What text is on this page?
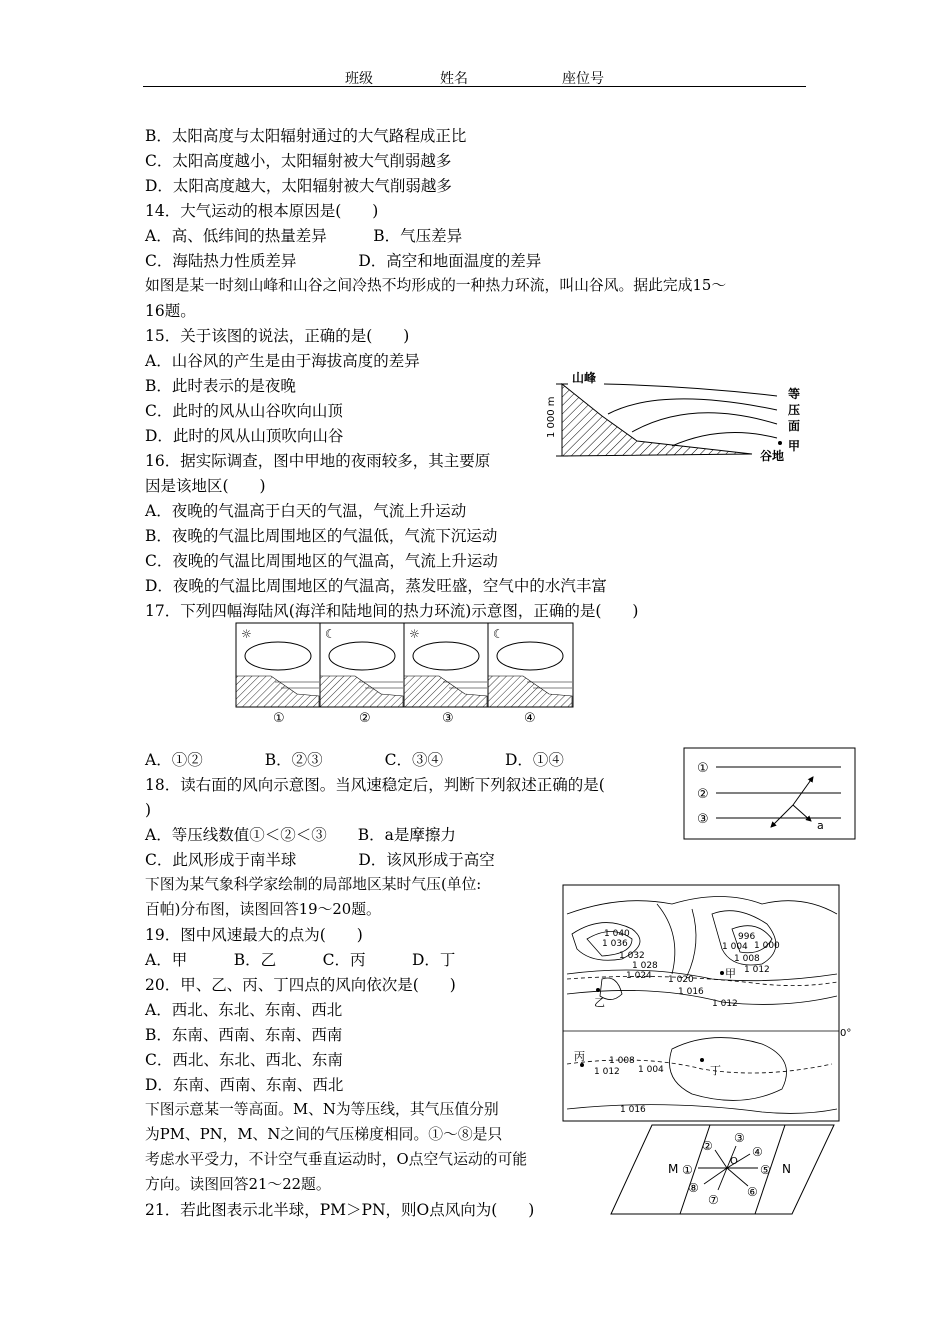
班级	姓名	座位号
B．太阳高度与太阳辐射通过的大气路程成正比
C．太阳高度越小，太阳辐射被大气削弱越多
D．太阳高度越大，太阳辐射被大气削弱越多
14．大气运动的根本原因是(　　)
A．高、低纬间的热量差异　　　B．气压差异
C．海陆热力性质差异　　　　D．高空和地面温度的差异
如图是某一时刻山峰和山谷之间冷热不均形成的一种热力环流，叫山谷风。据此完成15～
16题。
15．关于该图的说法，正确的是(　　)
A．山谷风的产生是由于海拔高度的差异
B．此时表示的是夜晚
C．此时的风从山谷吹向山顶
D．此时的风从山顶吹向山谷
16．据实际调查，图中甲地的夜雨较多，其主要原
因是该地区(　　)
A．夜晚的气温高于白天的气温，气流上升运动
B．夜晚的气温比周围地区的气温低，气流下沉运动
C．夜晚的气温比周围地区的气温高，气流上升运动
D．夜晚的气温比周围地区的气温高，蒸发旺盛，空气中的水汽丰富
17．下列四幅海陆风(海洋和陆地间的热力环流)示意图，正确的是(　　)
A．①②　　　　B．②③　　　　C．③④　　　　D．①④
18．读右面的风向示意图。当风速稳定后，判断下列叙述正确的是(
)
A．等压线数值①＜②＜③　　B．a是摩擦力
C．此风形成于南半球　　　　D．该风形成于高空
下图为某气象科学家绘制的局部地区某时气压(单位:
百帕)分布图，读图回答19～20题。
19．图中风速最大的点为(　　)
A．甲　　　B．乙　　　C．丙　　　D．丁
20．甲、乙、丙、丁四点的风向依次是(　　)
A．西北、东北、东南、西北
B．东南、西南、东南、西南
C．西北、东北、西北、东南
D．东南、西南、东南、西北
下图示意某一等高面。M、N为等压线，其气压值分别
为PM、PN，M、N之间的气压梯度相同。①～⑧是只
考虑水平受力，不计空气垂直运动时，O点空气运动的可能
方向。读图回答21～22题。
21．若此图表示北半球，PM＞PN，则O点风向为(　　)
1 000 m
山峰
等
压
面
甲
谷地
☼	☾	☼	☾
①	②	③	④
①
②
③	a
0°
1 040
1 036
1 032
1 028
1 024 1 020
1 016
1 012
996
1 004 1 000
1 008
1 012
1 008
1 012 1 004
1 016
甲
乙
丙
丁
M	N
O
①
②
③
④
⑤
⑥
⑦
⑧
